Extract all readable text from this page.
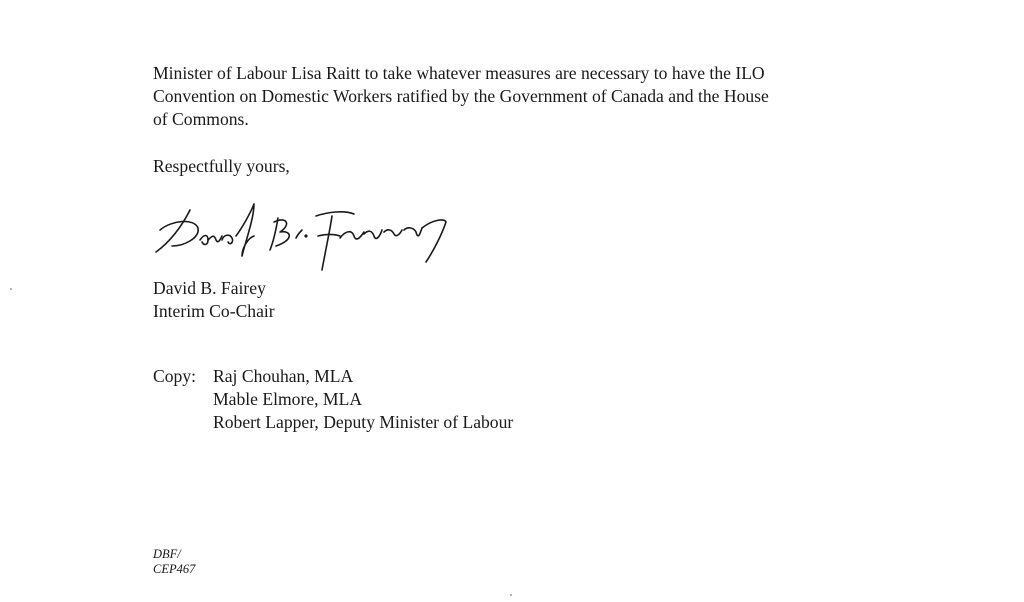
Minister of Labour Lisa Raitt to take whatever measures are necessary to have the ILO
Convention on Domestic Workers ratified by the Government of Canada and the House
of Commons.

Respectfully yours,

David B. Fairey
Interim Co-Chair
Copy: Raj Chouhan, MLA
Mable Elmore, MLA
Robert Lapper, Deputy Minister of Labour
DBF/
CEP467
